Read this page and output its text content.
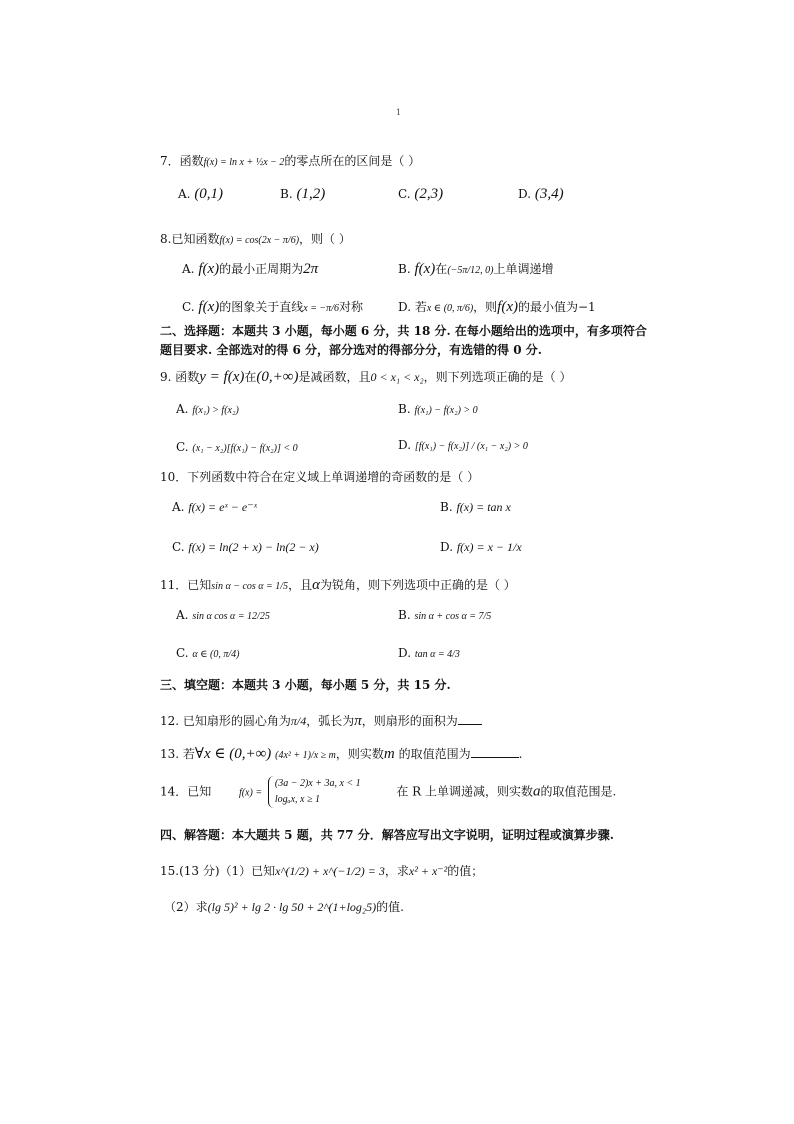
1
7．函数f(x) = ln x + ½x − 2的零点所在的区间是（ ）
A. (0,1)	B. (1,2)	C. (2,3)	D. (3,4)
8.已知函数f(x) = cos(2x − π/6)，则（ ）
A. f(x)的最小正周期为2π	B. f(x)在(−5π/12, 0)上单调递增
C. f(x)的图象关于直线x = −π/6对称	D. 若x ∈ (0, π/6)，则f(x)的最小值为−1
二、选择题：本题共 3 小题，每小题 6 分，共 18 分. 在每小题给出的选项中，有多项符合
题目要求. 全部选对的得 6 分，部分选对的得部分分，有选错的得 0 分.
9. 函数y = f(x)在(0,+∞)是减函数，且0 < x₁ < x₂，则下列选项正确的是（ ）
A. f(x₁) > f(x₂)	B. f(x₁) − f(x₂) > 0
C. (x₁ − x₂)[f(x₁) − f(x₂)] < 0	D. [f(x₁) − f(x₂)] / (x₁ − x₂) > 0
10．下列函数中符合在定义域上单调递增的奇函数的是（ ）
A. f(x) = eˣ − e⁻ˣ	B. f(x) = tan x
C. f(x) = ln(2 + x) − ln(2 − x)	D. f(x) = x − 1/x
11．已知sin α − cos α = 1/5，且α为锐角，则下列选项中正确的是（ ）
A. sin α cos α = 12/25	B. sin α + cos α = 7/5
C. α ∈ (0, π/4)	D. tan α = 4/3
三、填空题：本题共 3 小题，每小题 5 分，共 15 分.
12. 已知扇形的圆心角为π/4，弧长为π，则扇形的面积为
13. 若∀x ∈ (0,+∞) (4x² + 1)/x ≥ m，则实数m 的取值范围为	.
14．已知	f(x) = (3a − 2)x + 3a, x < 1
logₐx, x ≥ 1  在 R 上单调递减，则实数a的取值范围是.
四、解答题：本大题共 5 题，共 77 分．解答应写出文字说明，证明过程或演算步骤.
15.(13 分)（1）已知x^(1/2) + x^(−1/2) = 3，求x² + x⁻²的值；
（2）求(lg 5)² + lg 2 · lg 50 + 2^(1+log₂5)的值.
